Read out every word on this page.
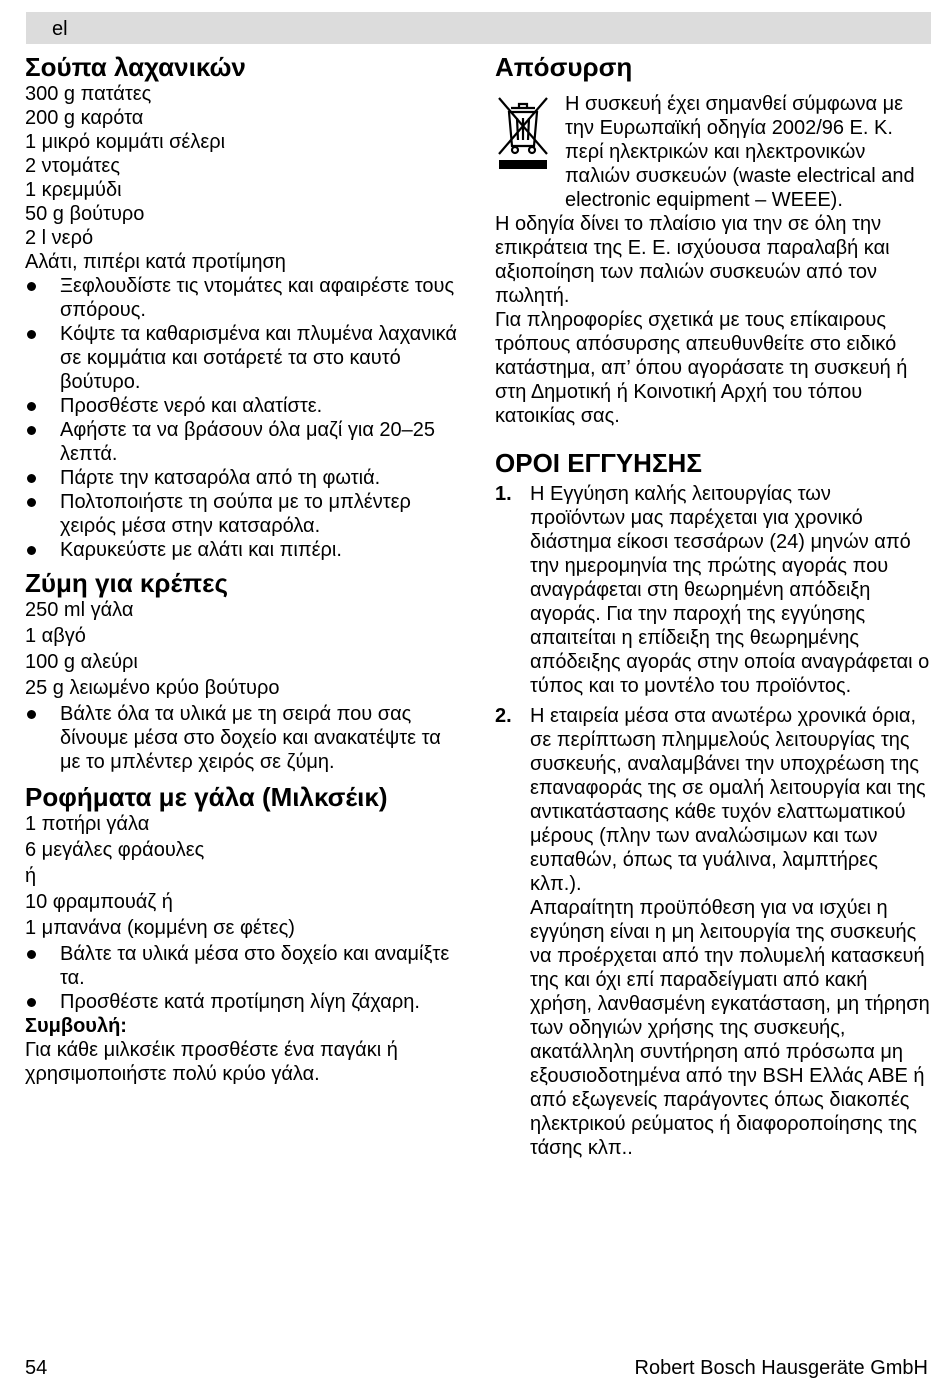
el
Σούπα λαχανικών

300 g πατάτες

200 g καρότα

1 μικρό κομμάτι σέλερι

2 ντομάτες

1 κρεμμύδι

50 g βούτυρο

2 l νερό

Αλάτι, πιπέρι κατά προτίμηση

Ξεφλουδίστε τις ντομάτες και αφαιρέστε τους σπόρους.
Κόψτε τα καθαρισμένα και πλυμένα λαχανικά σε κομμάτια και σοτάρετέ τα στο καυτό βούτυρο.
Προσθέστε νερό και αλατίστε.
Αφήστε τα να βράσουν όλα μαζί για 20–25 λεπτά.
Πάρτε την κατσαρόλα από τη φωτιά.
Πολτοποιήστε τη σούπα με το μπλέντερ χειρός μέσα στην κατσαρόλα.
Καρυκεύστε με αλάτι και πιπέρι.
Ζύμη για κρέπες

250 ml γάλα

1 αβγό

100 g αλεύρι

25 g λειωμένο κρύο βούτυρο

Βάλτε όλα τα υλικά με τη σειρά που σας δίνουμε μέσα στο δοχείο και ανακατέψτε τα με το μπλέντερ χειρός σε ζύμη.
Ροφήματα με γάλα (Μιλκσέικ)

1 ποτήρι γάλα

6 μεγάλες φράουλες

ή

10 φραμπουάζ ή

1 μπανάνα (κομμένη σε φέτες)

Βάλτε τα υλικά μέσα στο δοχείο και αναμίξτε τα.
Προσθέστε κατά προτίμηση λίγη ζάχαρη.

Συμβουλή:

Για κάθε μιλκσέικ προσθέστε ένα παγάκι ή χρησιμοποιήστε πολύ κρύο γάλα.

Απόσυρση

Η συσκευή έχει σημανθεί σύμφωνα με την Ευρωπαϊκή οδηγία 2002/96 Ε. Κ. περί ηλεκτρικών και ηλεκτρονικών παλιών συσκευών (waste electrical and electronic equipment – WEEE).

Η οδηγία δίνει το πλαίσιο για την σε όλη την επικράτεια της Ε. Ε. ισχύουσα παραλαβή και αξιοποίηση των παλιών συσκευών από τον πωλητή.

Για πληροφορίες σχετικά με τους επίκαιρους τρόπους απόσυρσης απευθυνθείτε στο ειδικό κατάστημα, απ’ όπου αγοράσατε τη συσκευή ή στη Δημοτική ή Κοινοτική Αρχή του τόπου κατοικίας σας.

ΟΡΟΙ ΕΓΓΥΗΣΗΣ
1. Η Εγγύηση καλής λειτουργίας των προϊόντων μας παρέχεται για χρονικό διάστημα είκοσι τεσσάρων (24) μηνών από την ημερομηνία της πρώτης αγοράς που αναγράφεται στη θεωρημένη απόδειξη αγοράς. Για την παροχή της εγγύησης απαιτείται η επίδειξη της θεωρημένης απόδειξης αγοράς στην οποία αναγράφεται ο τύπος και το μοντέλο του προϊόντος.
2. Η εταιρεία μέσα στα ανωτέρω χρονικά όρια, σε περίπτωση πλημμελούς λειτουργίας της συσκευής, αναλαμβάνει την υποχρέωση της επαναφοράς της σε ομαλή λειτουργία και της αντικατάστασης κάθε τυχόν ελαττωματικού μέρους (πλην των αναλώσιμων και των ευπαθών, όπως τα γυάλινα, λαμπτήρες κλπ.).
Απαραίτητη προϋπόθεση για να ισχύει η εγγύηση είναι η μη λειτουργία της συσκευής να προέρχεται από την πολυμελή κατασκευή της και όχι επί παραδείγματι από κακή χρήση, λανθασμένη εγκατάσταση, μη τήρηση των οδηγιών χρήσης της συσκευής, ακατάλληλη συντήρηση από πρόσωπα μη εξουσιοδοτημένα από την BSH Ελλάς ΑΒΕ ή από εξωγενείς παράγοντες όπως διακοπές ηλεκτρικού ρεύματος ή διαφοροποίησης της τάσης κλπ..
54	Robert Bosch Hausgeräte GmbH
